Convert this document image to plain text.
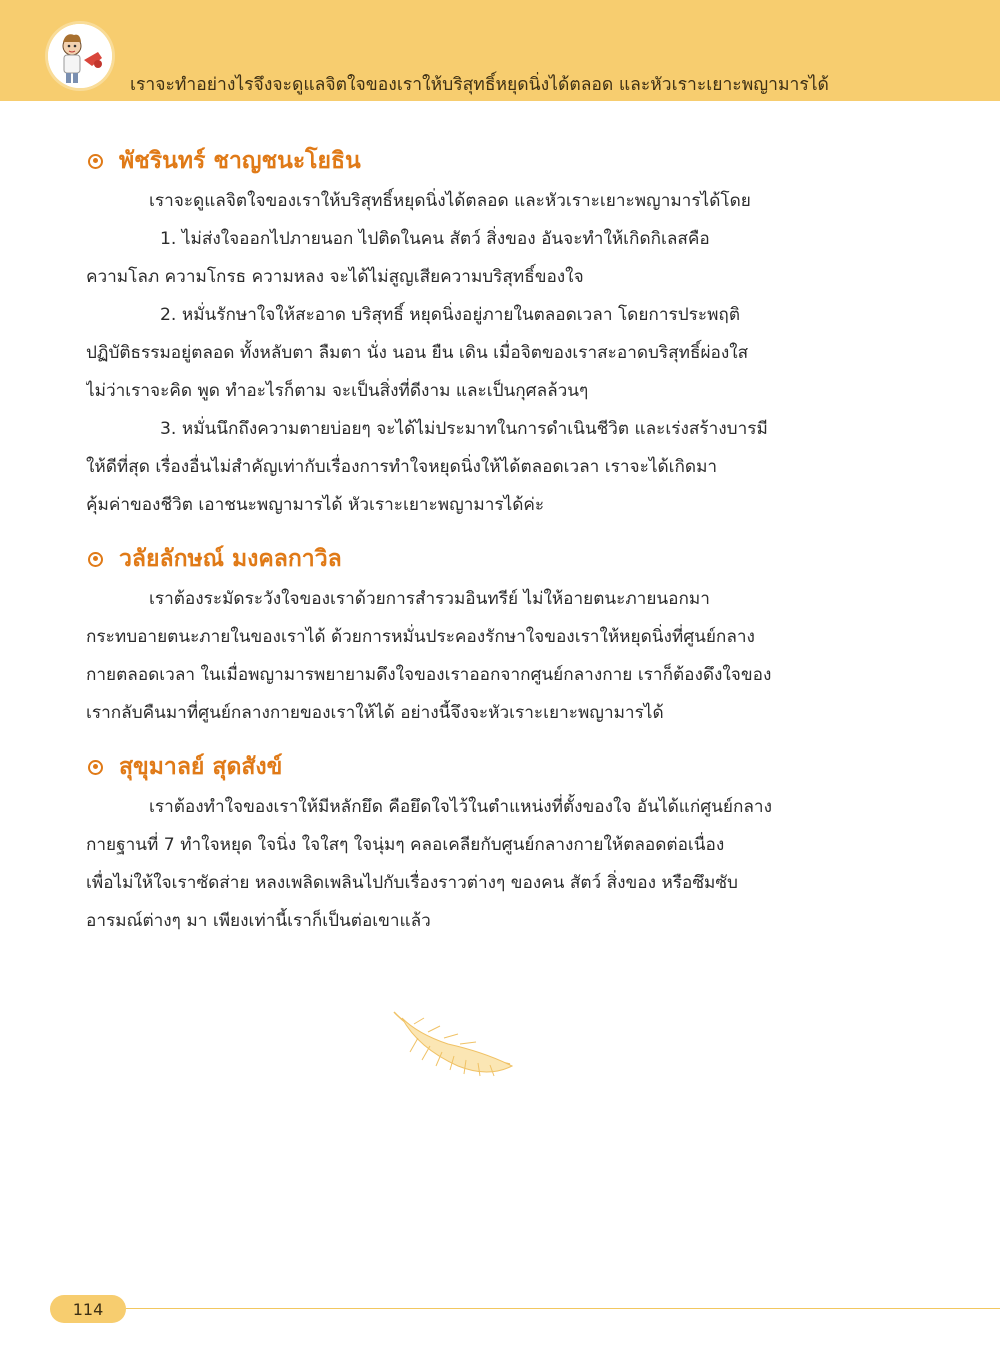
เราจะทำอย่างไรจึงจะดูแลจิตใจของเราให้บริสุทธิ์หยุดนิ่งได้ตลอด และหัวเราะเยาะพญามารได้
พัชรินทร์ ชาญชนะโยธิน

เราจะดูแลจิตใจของเราให้บริสุทธิ์หยุดนิ่งได้ตลอด และหัวเราะเยาะพญามารได้โดย
1. ไม่ส่งใจออกไปภายนอก ไปติดในคน สัตว์ สิ่งของ อันจะทำให้เกิดกิเลสคือ
ความโลภ ความโกรธ ความหลง จะได้ไม่สูญเสียความบริสุทธิ์ของใจ
2. หมั่นรักษาใจให้สะอาด บริสุทธิ์ หยุดนิ่งอยู่ภายในตลอดเวลา โดยการประพฤติ
ปฏิบัติธรรมอยู่ตลอด ทั้งหลับตา ลืมตา นั่ง นอน ยืน เดิน เมื่อจิตของเราสะอาดบริสุทธิ์ผ่องใส
ไม่ว่าเราจะคิด พูด ทำอะไรก็ตาม จะเป็นสิ่งที่ดีงาม และเป็นกุศลล้วนๆ
3. หมั่นนึกถึงความตายบ่อยๆ จะได้ไม่ประมาทในการดำเนินชีวิต และเร่งสร้างบารมี
ให้ดีที่สุด เรื่องอื่นไม่สำคัญเท่ากับเรื่องการทำใจหยุดนิ่งให้ได้ตลอดเวลา เราจะได้เกิดมา
คุ้มค่าของชีวิต เอาชนะพญามารได้ หัวเราะเยาะพญามารได้ค่ะ

วลัยลักษณ์ มงคลกาวิล

เราต้องระมัดระวังใจของเราด้วยการสำรวมอินทรีย์ ไม่ให้อายตนะภายนอกมา
กระทบอายตนะภายในของเราได้ ด้วยการหมั่นประคองรักษาใจของเราให้หยุดนิ่งที่ศูนย์กลาง
กายตลอดเวลา ในเมื่อพญามารพยายามดึงใจของเราออกจากศูนย์กลางกาย เราก็ต้องดึงใจของ
เรากลับคืนมาที่ศูนย์กลางกายของเราให้ได้ อย่างนี้จึงจะหัวเราะเยาะพญามารได้

สุขุมาลย์ สุดสังข์

เราต้องทำใจของเราให้มีหลักยึด คือยึดใจไว้ในตำแหน่งที่ตั้งของใจ อันได้แก่ศูนย์กลาง
กายฐานที่ 7 ทำใจหยุด ใจนิ่ง ใจใสๆ ใจนุ่มๆ คลอเคลียกับศูนย์กลางกายให้ตลอดต่อเนื่อง
เพื่อไม่ให้ใจเราซัดส่าย หลงเพลิดเพลินไปกับเรื่องราวต่างๆ ของคน สัตว์ สิ่งของ หรือซึมซับ
อารมณ์ต่างๆ มา เพียงเท่านี้เราก็เป็นต่อเขาแล้ว

114
